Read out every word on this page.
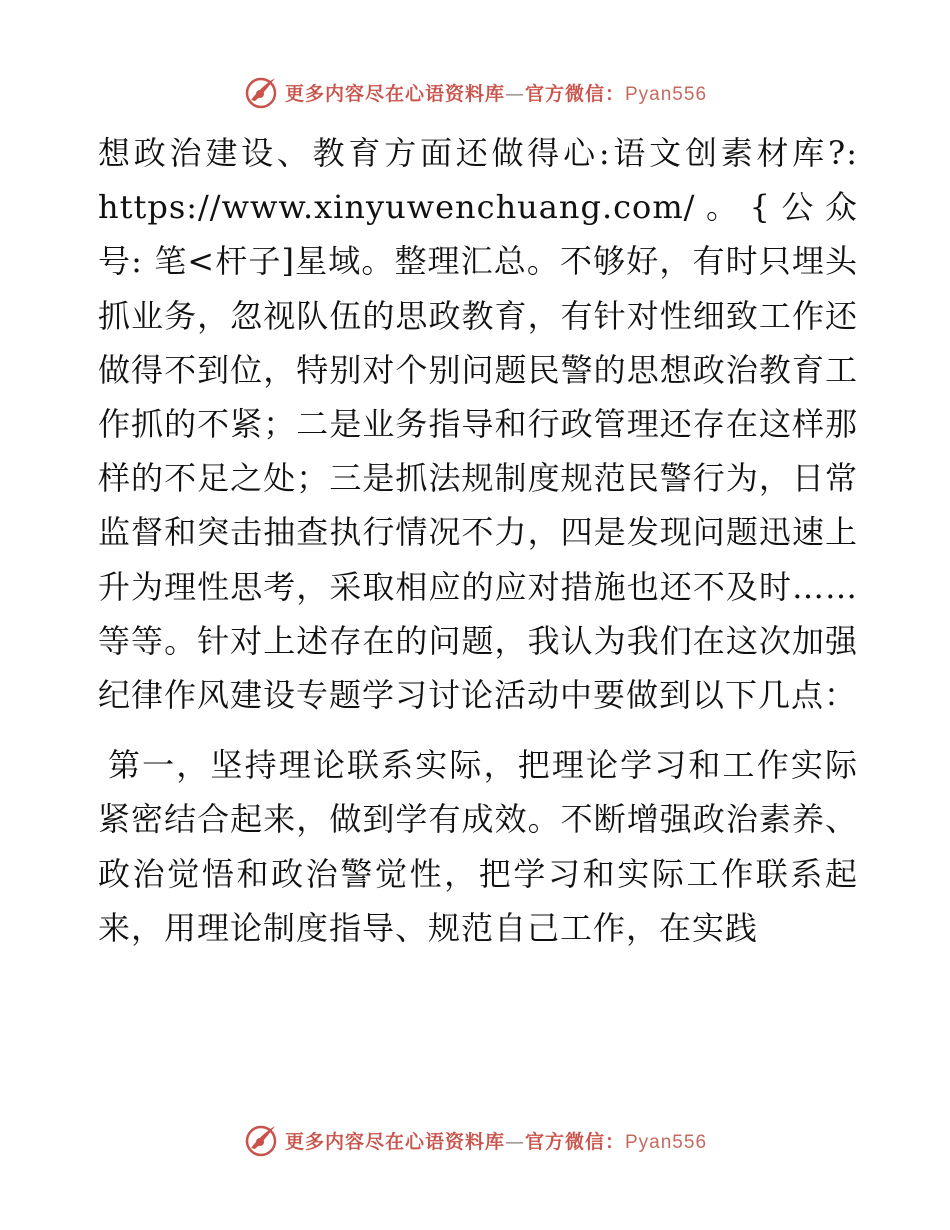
更多内容尽在心语资料库—官方微信：Pyan556

想政治建设、教育方面还做得心:语文创素材库?: https://www.xinyuwenchuang.com/。{公众号: 笔<杆子]星域。整理汇总。不够好，有时只埋头抓业务，忽视队伍的思政教育，有针对性细致工作还做得不到位，特别对个别问题民警的思想政治教育工作抓的不紧；二是业务指导和行政管理还存在这样那样的不足之处；三是抓法规制度规范民警行为，日常监督和突击抽查执行情况不力，四是发现问题迅速上升为理性思考，采取相应的应对措施也还不及时……等等。针对上述存在的问题，我认为我们在这次加强纪律作风建设专题学习讨论活动中要做到以下几点：

第一，坚持理论联系实际，把理论学习和工作实际紧密结合起来，做到学有成效。不断增强政治素养、政治觉悟和政治警觉性，把学习和实际工作联系起来，用理论制度指导、规范自己工作，在实践

更多内容尽在心语资料库—官方微信：Pyan556
